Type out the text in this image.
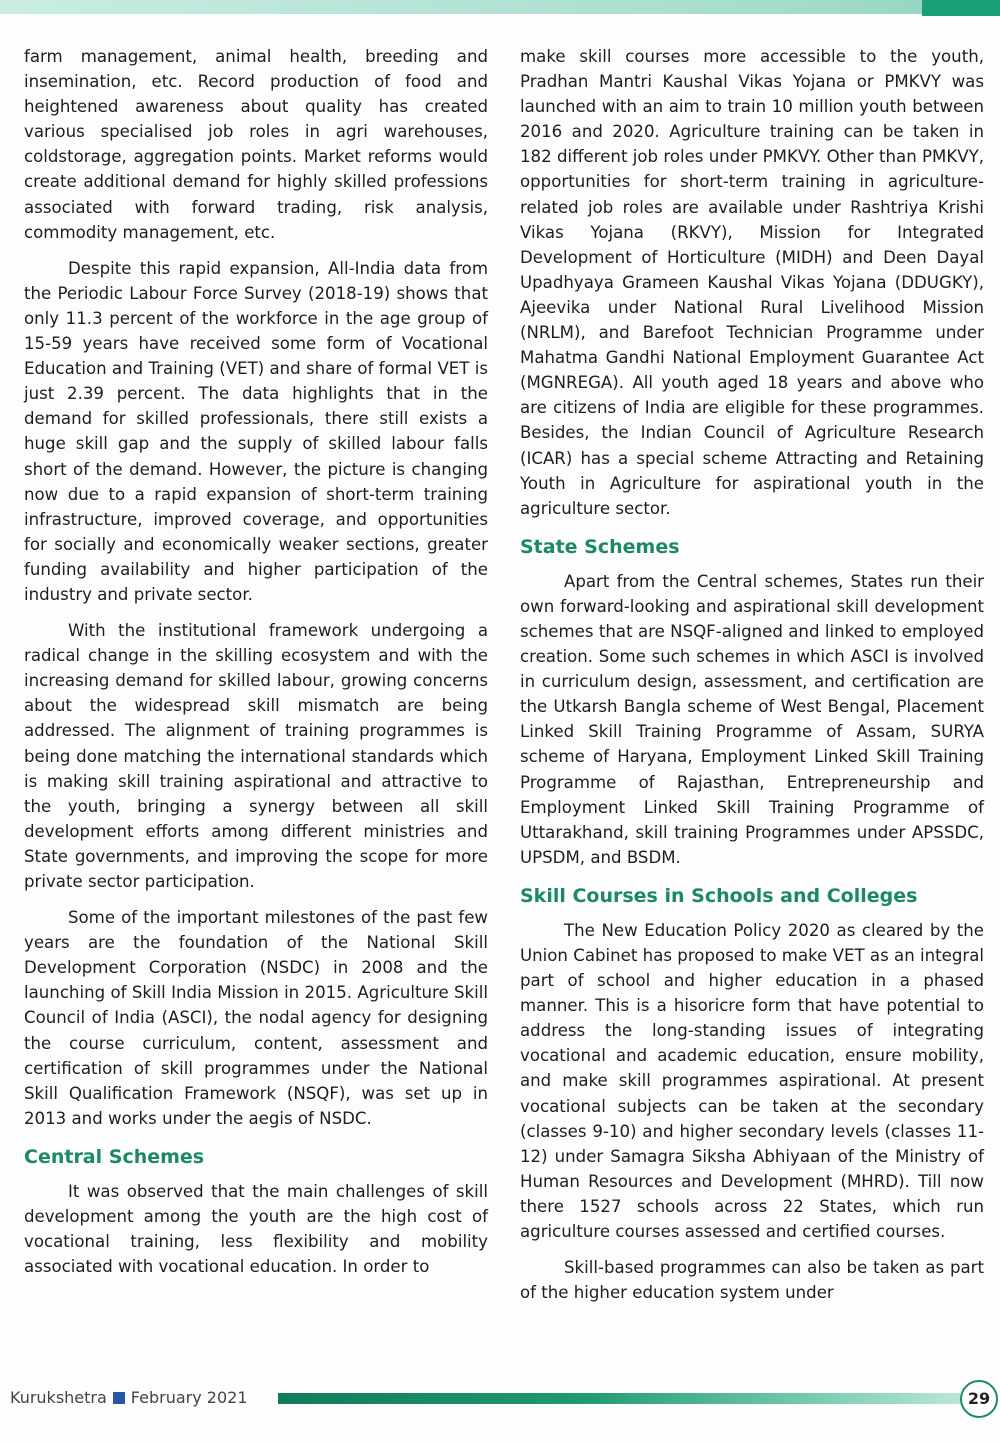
farm management, animal health, breeding and insemination, etc. Record production of food and heightened awareness about quality has created various specialised job roles in agri warehouses, coldstorage, aggregation points. Market reforms would create additional demand for highly skilled professions associated with forward trading, risk analysis, commodity management, etc.

Despite this rapid expansion, All-India data from the Periodic Labour Force Survey (2018-19) shows that only 11.3 percent of the workforce in the age group of 15-59 years have received some form of Vocational Education and Training (VET) and share of formal VET is just 2.39 percent. The data highlights that in the demand for skilled professionals, there still exists a huge skill gap and the supply of skilled labour falls short of the demand. However, the picture is changing now due to a rapid expansion of short-term training infrastructure, improved coverage, and opportunities for socially and economically weaker sections, greater funding availability and higher participation of the industry and private sector.

With the institutional framework undergoing a radical change in the skilling ecosystem and with the increasing demand for skilled labour, growing concerns about the widespread skill mismatch are being addressed. The alignment of training programmes is being done matching the international standards which is making skill training aspirational and attractive to the youth, bringing a synergy between all skill development efforts among different ministries and State governments, and improving the scope for more private sector participation.

Some of the important milestones of the past few years are the foundation of the National Skill Development Corporation (NSDC) in 2008 and the launching of Skill India Mission in 2015. Agriculture Skill Council of India (ASCI), the nodal agency for designing the course curriculum, content, assessment and certification of skill programmes under the National Skill Qualification Framework (NSQF), was set up in 2013 and works under the aegis of NSDC.

Central Schemes

It was observed that the main challenges of skill development among the youth are the high cost of vocational training, less flexibility and mobility associated with vocational education. In order to

make skill courses more accessible to the youth, Pradhan Mantri Kaushal Vikas Yojana or PMKVY was launched with an aim to train 10 million youth between 2016 and 2020. Agriculture training can be taken in 182 different job roles under PMKVY. Other than PMKVY, opportunities for short-term training in agriculture-related job roles are available under Rashtriya Krishi Vikas Yojana (RKVY), Mission for Integrated Development of Horticulture (MIDH) and Deen Dayal Upadhyaya Grameen Kaushal Vikas Yojana (DDUGKY), Ajeevika under National Rural Livelihood Mission (NRLM), and Barefoot Technician Programme under Mahatma Gandhi National Employment Guarantee Act (MGNREGA). All youth aged 18 years and above who are citizens of India are eligible for these programmes. Besides, the Indian Council of Agriculture Research (ICAR) has a special scheme Attracting and Retaining Youth in Agriculture for aspirational youth in the agriculture sector.

State Schemes

Apart from the Central schemes, States run their own forward-looking and aspirational skill development schemes that are NSQF-aligned and linked to employed creation. Some such schemes in which ASCI is involved in curriculum design, assessment, and certification are the Utkarsh Bangla scheme of West Bengal, Placement Linked Skill Training Programme of Assam, SURYA scheme of Haryana, Employment Linked Skill Training Programme of Rajasthan, Entrepreneurship and Employment Linked Skill Training Programme of Uttarakhand, skill training Programmes under APSSDC, UPSDM, and BSDM.

Skill Courses in Schools and Colleges

The New Education Policy 2020 as cleared by the Union Cabinet has proposed to make VET as an integral part of school and higher education in a phased manner. This is a hisoricre form that have potential to address the long-standing issues of integrating vocational and academic education, ensure mobility, and make skill programmes aspirational. At present vocational subjects can be taken at the secondary (classes 9-10) and higher secondary levels (classes 11-12) under Samagra Siksha Abhiyaan of the Ministry of Human Resources and Development (MHRD). Till now there 1527 schools across 22 States, which run agriculture courses assessed and certified courses.

Skill-based programmes can also be taken as part of the higher education system under

Kurukshetra February 2021	29
